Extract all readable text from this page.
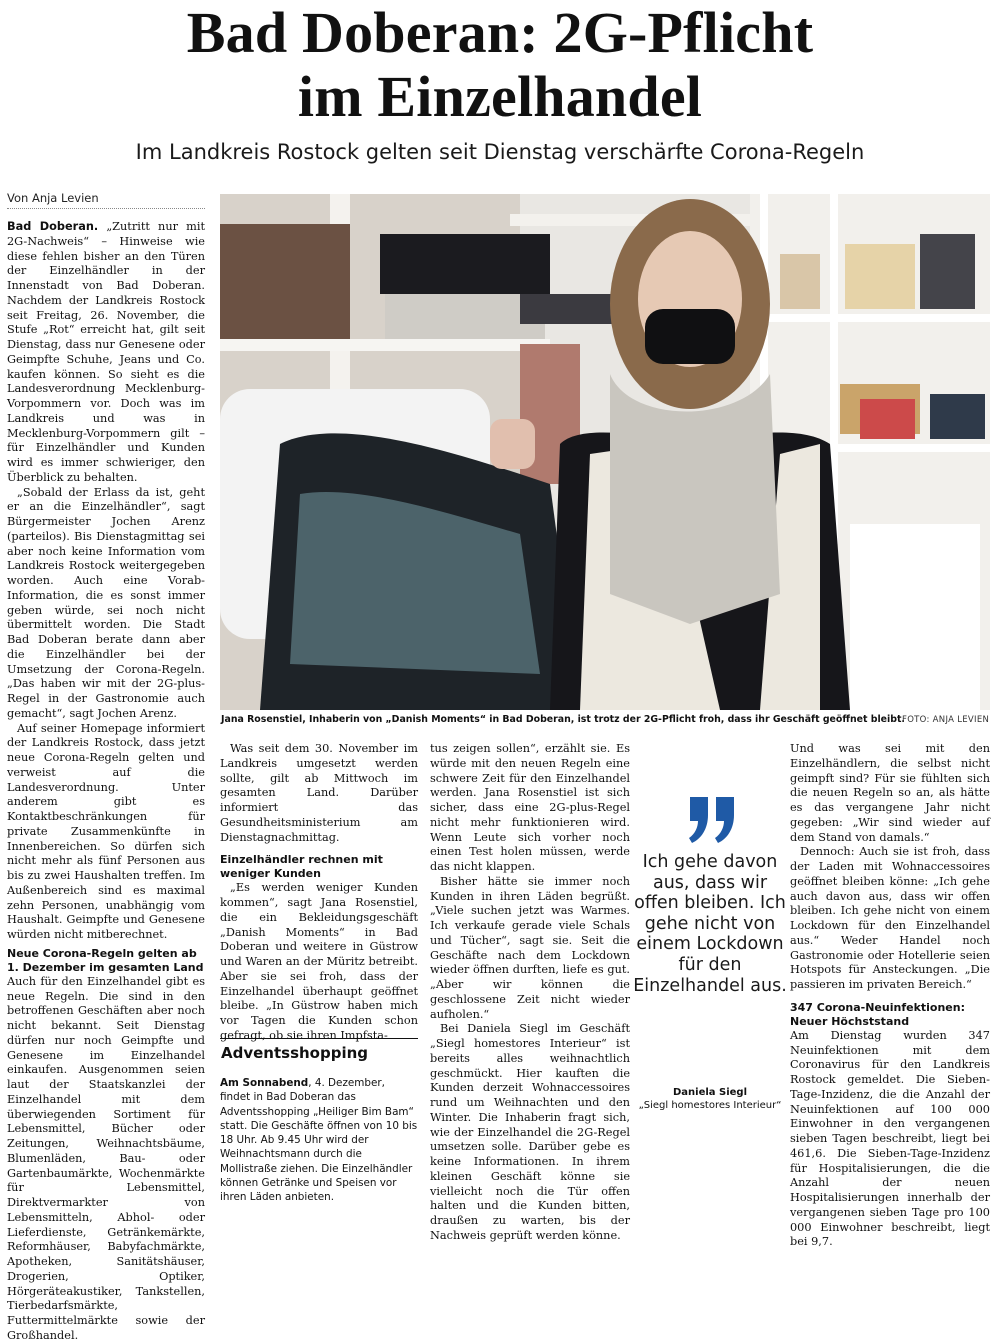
Bad Doberan: 2G-Pflicht
im Einzelhandel
Im Landkreis Rostock gelten seit Dienstag verschärfte Corona-Regeln
Von Anja Levien

Bad Doberan. „Zutritt nur mit 2G-Nachweis“ – Hinweise wie diese fehlen bisher an den Türen der Einzelhändler in der Innenstadt von Bad Doberan. Nachdem der Landkreis Rostock seit Freitag, 26. November, die Stufe „Rot“ erreicht hat, gilt seit Dienstag, dass nur Genesene oder Geimpfte Schuhe, Jeans und Co. kaufen können. So sieht es die Landesverordnung Mecklenburg-Vorpommern vor. Doch was im Landkreis und was in Mecklenburg-Vorpommern gilt – für Einzelhändler und Kunden wird es immer schwieriger, den Überblick zu behalten.

„Sobald der Erlass da ist, geht er an die Einzelhändler“, sagt Bürgermeister Jochen Arenz (parteilos). Bis Dienstagmittag sei aber noch keine Information vom Landkreis Rostock weitergegeben worden. Auch eine Vorab-Information, die es sonst immer geben würde, sei noch nicht übermittelt worden. Die Stadt Bad Doberan berate dann aber die Einzelhändler bei der Umsetzung der Corona-Regeln. „Das haben wir mit der 2G-plus-Regel in der Gastronomie auch gemacht“, sagt Jochen Arenz.

Auf seiner Homepage informiert der Landkreis Rostock, dass jetzt neue Corona-Regeln gelten und verweist auf die Landesverordnung. Unter anderem gibt es Kontaktbeschränkungen für private Zusammenkünfte in Innenbereichen. So dürfen sich nicht mehr als fünf Personen aus bis zu zwei Haushalten treffen. Im Außenbereich sind es maximal zehn Personen, unabhängig vom Haushalt. Geimpfte und Genesene würden nicht mitberechnet.

Neue Corona-Regeln gelten ab 1. Dezember im gesamten Land

Auch für den Einzelhandel gibt es neue Regeln. Die sind in den betroffenen Geschäften aber noch nicht bekannt. Seit Dienstag dürfen nur noch Geimpfte und Genesene im Einzelhandel einkaufen. Ausgenommen seien laut der Staatskanzlei der Einzelhandel mit dem überwiegenden Sortiment für Lebensmittel, Bücher oder Zeitungen, Weihnachtsbäume, Blumenläden, Bau- oder Gartenbaumärkte, Wochenmärkte für Lebensmittel, Direktvermarkter von Lebensmitteln, Abhol- oder Lieferdienste, Getränkemärkte, Reformhäuser, Babyfachmärkte, Apotheken, Sanitätshäuser, Drogerien, Optiker, Hörgeräteakustiker, Tankstellen, Tierbedarfsmärkte, Futtermittelmärkte sowie der Großhandel.

Jana Rosenstiel, Inhaberin von „Danish Moments“ in Bad Doberan, ist trotz der 2G-Pflicht froh, dass ihr Geschäft geöffnet bleibt.
FOTO: ANJA LEVIEN

Was seit dem 30. November im Landkreis umgesetzt werden sollte, gilt ab Mittwoch im gesamten Land. Darüber informiert das Gesundheitsministerium am Dienstagnachmittag.

Einzelhändler rechnen mit weniger Kunden

„Es werden weniger Kunden kommen“, sagt Jana Rosenstiel, die ein Bekleidungsgeschäft „Danish Moments“ in Bad Doberan und weitere in Güstrow und Waren an der Müritz betreibt. Aber sie sei froh, dass der Einzelhandel überhaupt geöffnet bleibe. „In Güstrow haben mich vor Tagen die Kunden schon gefragt, ob sie ihren Impfsta-

Adventsshopping
Am Sonnabend, 4. Dezember, findet in Bad Doberan das Adventsshopping „Heiliger Bim Bam“ statt. Die Geschäfte öffnen von 10 bis 18 Uhr. Ab 9.45 Uhr wird der Weihnachtsmann durch die Mollistraße ziehen. Die Einzelhändler können Getränke und Speisen vor ihren Läden anbieten.

tus zeigen sollen“, erzählt sie. Es würde mit den neuen Regeln eine schwere Zeit für den Einzelhandel werden. Jana Rosenstiel ist sich sicher, dass eine 2G-plus-Regel nicht mehr funktionieren wird. Wenn Leute sich vorher noch einen Test holen müssen, werde das nicht klappen.

Bisher hätte sie immer noch Kunden in ihren Läden begrüßt. „Viele suchen jetzt was Warmes. Ich verkaufe gerade viele Schals und Tücher“, sagt sie. Seit die Geschäfte nach dem Lockdown wieder öffnen durften, liefe es gut. „Aber wir können die geschlossene Zeit nicht wieder aufholen.“

Bei Daniela Siegl im Geschäft „Siegl homestores Interieur“ ist bereits alles weihnachtlich geschmückt. Hier kauften die Kunden derzeit Wohnaccessoires rund um Weihnachten und den Winter. Die Inhaberin fragt sich, wie der Einzelhandel die 2G-Regel umsetzen solle. Darüber gebe es keine Informationen. In ihrem kleinen Geschäft könne sie vielleicht noch die Tür offen halten und die Kunden bitten, draußen zu warten, bis der Nachweis geprüft werden könne.

Ich gehe davon aus, dass wir offen bleiben. Ich gehe nicht von einem Lockdown für den Einzelhandel aus.
Daniela Siegl
„Siegl homestores Interieur“

Und was sei mit den Einzelhändlern, die selbst nicht geimpft sind? Für sie fühlten sich die neuen Regeln so an, als hätte es das vergangene Jahr nicht gegeben: „Wir sind wieder auf dem Stand von damals.“

Dennoch: Auch sie ist froh, dass der Laden mit Wohnaccessoires geöffnet bleiben könne: „Ich gehe auch davon aus, dass wir offen bleiben. Ich gehe nicht von einem Lockdown für den Einzelhandel aus.“ Weder Handel noch Gastronomie oder Hotellerie seien Hotspots für Ansteckungen. „Die passieren im privaten Bereich.“

347 Corona-Neuinfektionen: Neuer Höchststand

Am Dienstag wurden 347 Neuinfektionen mit dem Coronavirus für den Landkreis Rostock gemeldet. Die Sieben-Tage-Inzidenz, die die Anzahl der Neuinfektionen auf 100 000 Einwohner in den vergangenen sieben Tagen beschreibt, liegt bei 461,6. Die Sieben-Tage-Inzidenz für Hospitalisierungen, die die Anzahl der neuen Hospitalisierungen innerhalb der vergangenen sieben Tage pro 100 000 Einwohner beschreibt, liegt bei 9,7.
